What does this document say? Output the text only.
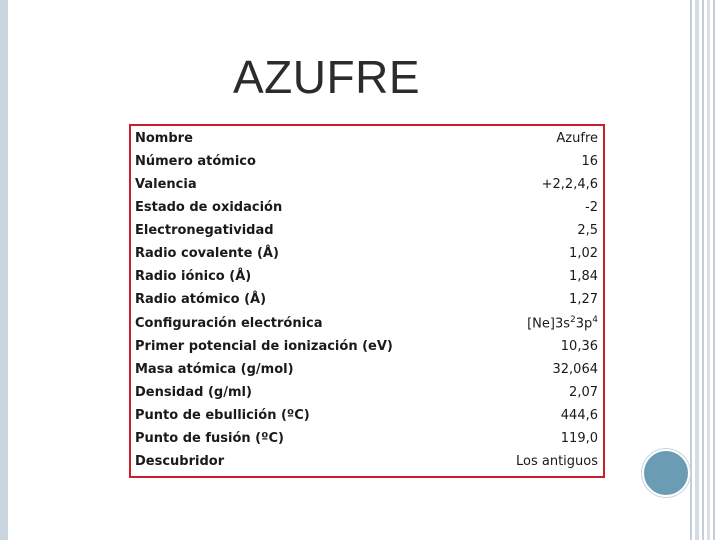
AZUFRE
Nombre	Azufre
Número atómico	16
Valencia	+2,2,4,6
Estado de oxidación	-2
Electronegatividad	2,5
Radio covalente (Å)	1,02
Radio iónico (Å)	1,84
Radio atómico (Å)	1,27
Configuración electrónica	$[Ne]3s^23p^4$
Primer potencial de ionización (eV)	10,36
Masa atómica (g/mol)	32,064
Densidad (g/ml)	2,07
Punto de ebullición (ºC)	444,6
Punto de fusión (ºC)	119,0
Descubridor	Los antiguos
